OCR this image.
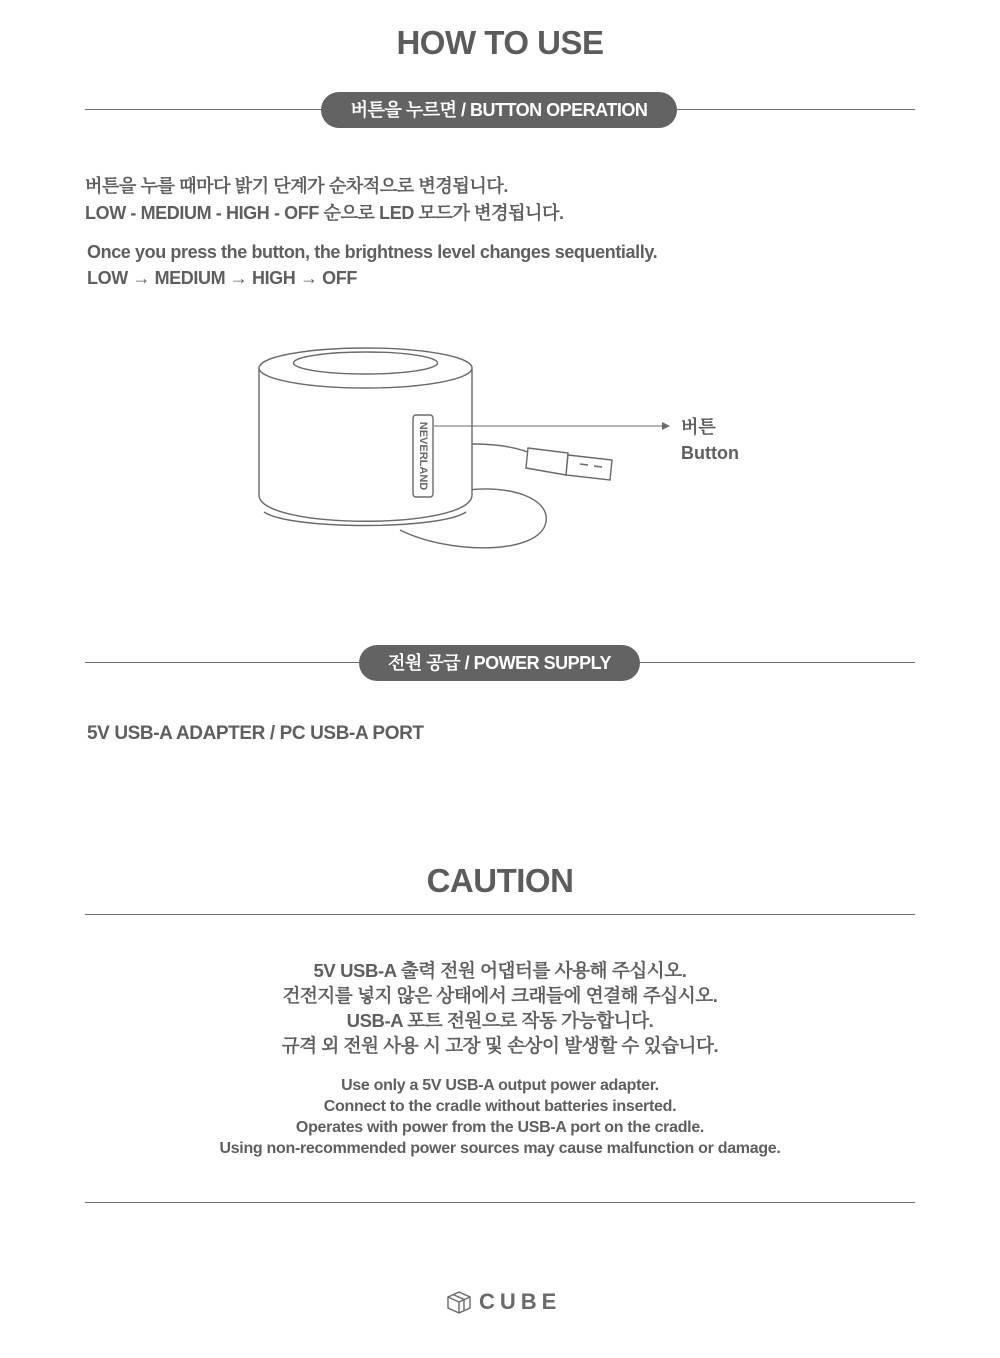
HOW TO USE
버튼을 누르면 / BUTTON OPERATION
버튼을 누를 때마다 밝기 단계가 순차적으로 변경됩니다.
LOW - MEDIUM - HIGH - OFF 순으로 LED 모드가 변경됩니다.
Once you press the button, the brightness level changes sequentially.
LOW → MEDIUM → HIGH → OFF
NEVERLAND	버튼
Button
전원 공급 / POWER SUPPLY
5V USB-A ADAPTER / PC USB-A PORT
CAUTION
5V USB-A 출력 전원 어댑터를 사용해 주십시오.
건전지를 넣지 않은 상태에서 크래들에 연결해 주십시오.
USB-A 포트 전원으로 작동 가능합니다.
규격 외 전원 사용 시 고장 및 손상이 발생할 수 있습니다.
Use only a 5V USB-A output power adapter.
Connect to the cradle without batteries inserted.
Operates with power from the USB-A port on the cradle.
Using non-recommended power sources may cause malfunction or damage.
CUBE
